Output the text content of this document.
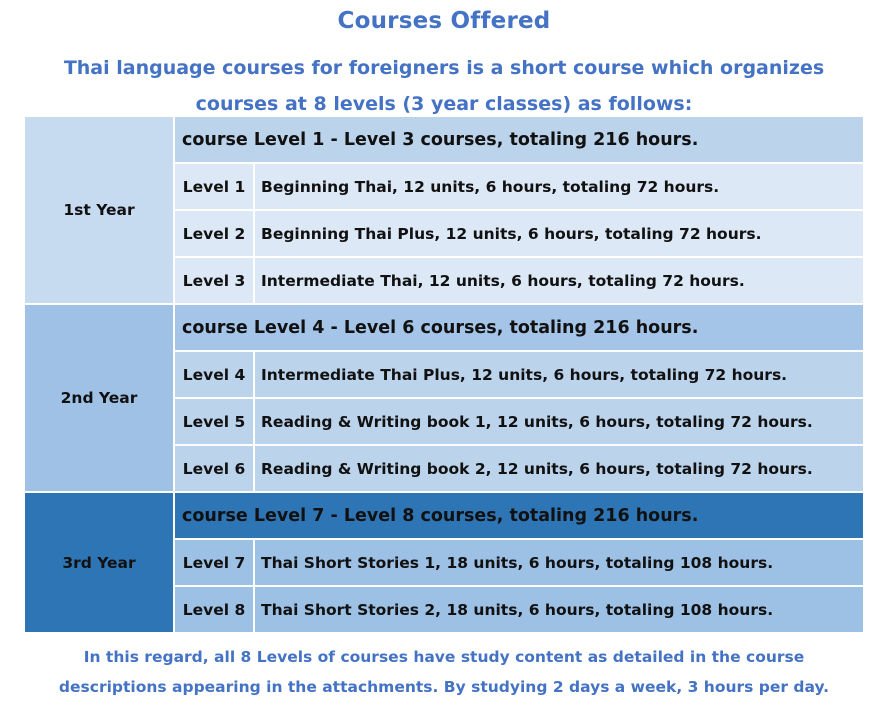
Courses Offered
Thai language courses for foreigners is a short course which organizes
courses at 8 levels (3 year classes) as follows:
1st Year	course Level 1 - Level 3 courses, totaling 216 hours.	
	Level 1	Beginning Thai, 12 units, 6 hours, totaling 72 hours.
	Level 2	Beginning Thai Plus, 12 units, 6 hours, totaling 72 hours.
	Level 3	Intermediate Thai, 12 units, 6 hours, totaling 72 hours.
2nd Year	course Level 4 - Level 6 courses, totaling 216 hours.	
	Level 4	Intermediate Thai Plus, 12 units, 6 hours, totaling 72 hours.
	Level 5	Reading & Writing book 1, 12 units, 6 hours, totaling 72 hours.
	Level 6	Reading & Writing book 2, 12 units, 6 hours, totaling 72 hours.
3rd Year	course Level 7 - Level 8 courses, totaling 216 hours.	
	Level 7	Thai Short Stories 1, 18 units, 6 hours, totaling 108 hours.
	Level 8	Thai Short Stories 2, 18 units, 6 hours, totaling 108 hours.
In this regard, all 8 Levels of courses have study content as detailed in the course
descriptions appearing in the attachments. By studying 2 days a week, 3 hours per day.
